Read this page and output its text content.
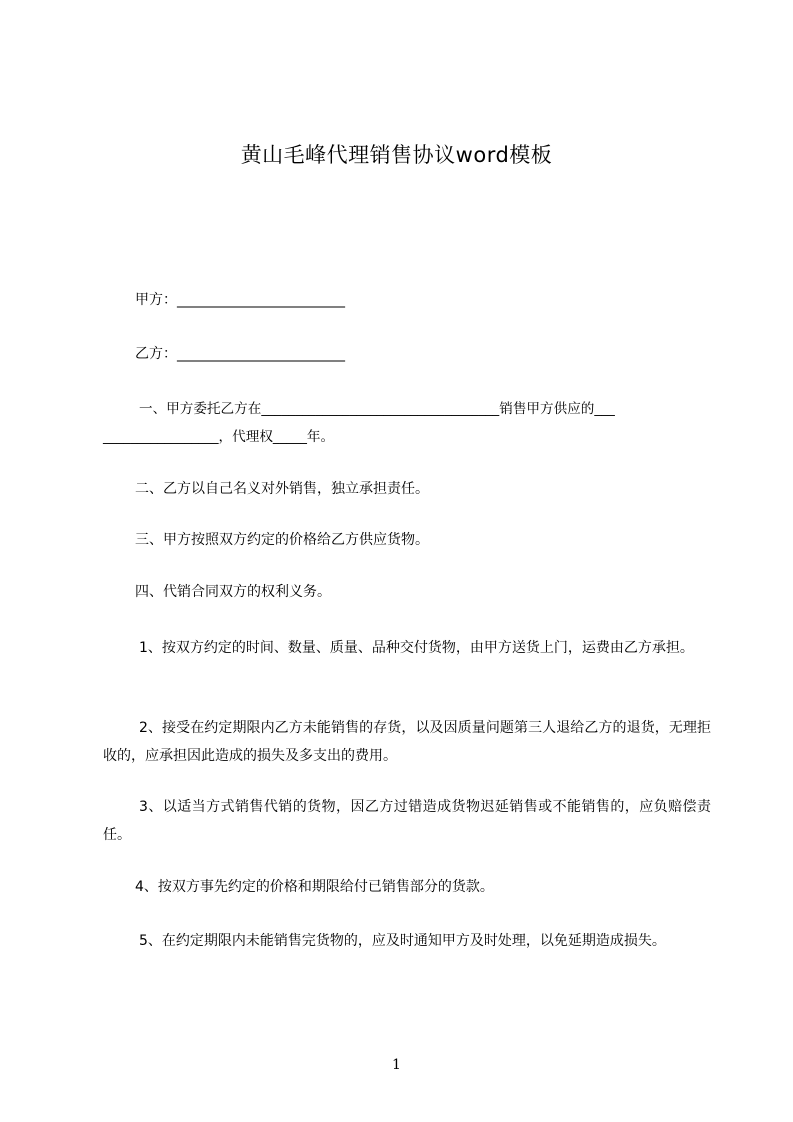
黄山毛峰代理销售协议word模板

甲方：________________________

乙方：________________________

一、甲方委托乙方在___________________________________销售甲方供应的___
_________________，代理权_____年。

二、乙方以自己名义对外销售，独立承担责任。

三、甲方按照双方约定的价格给乙方供应货物。

四、代销合同双方的权利义务。

1、按双方约定的时间、数量、质量、品种交付货物，由甲方送货上门，运费由乙方承担。

2、接受在约定期限内乙方未能销售的存货，以及因质量问题第三人退给乙方的退货，无理拒收的，应承担因此造成的损失及多支出的费用。

3、以适当方式销售代销的货物，因乙方过错造成货物迟延销售或不能销售的，应负赔偿责任。

4、按双方事先约定的价格和期限给付已销售部分的货款。

5、在约定期限内未能销售完货物的，应及时通知甲方及时处理，以免延期造成损失。

1
